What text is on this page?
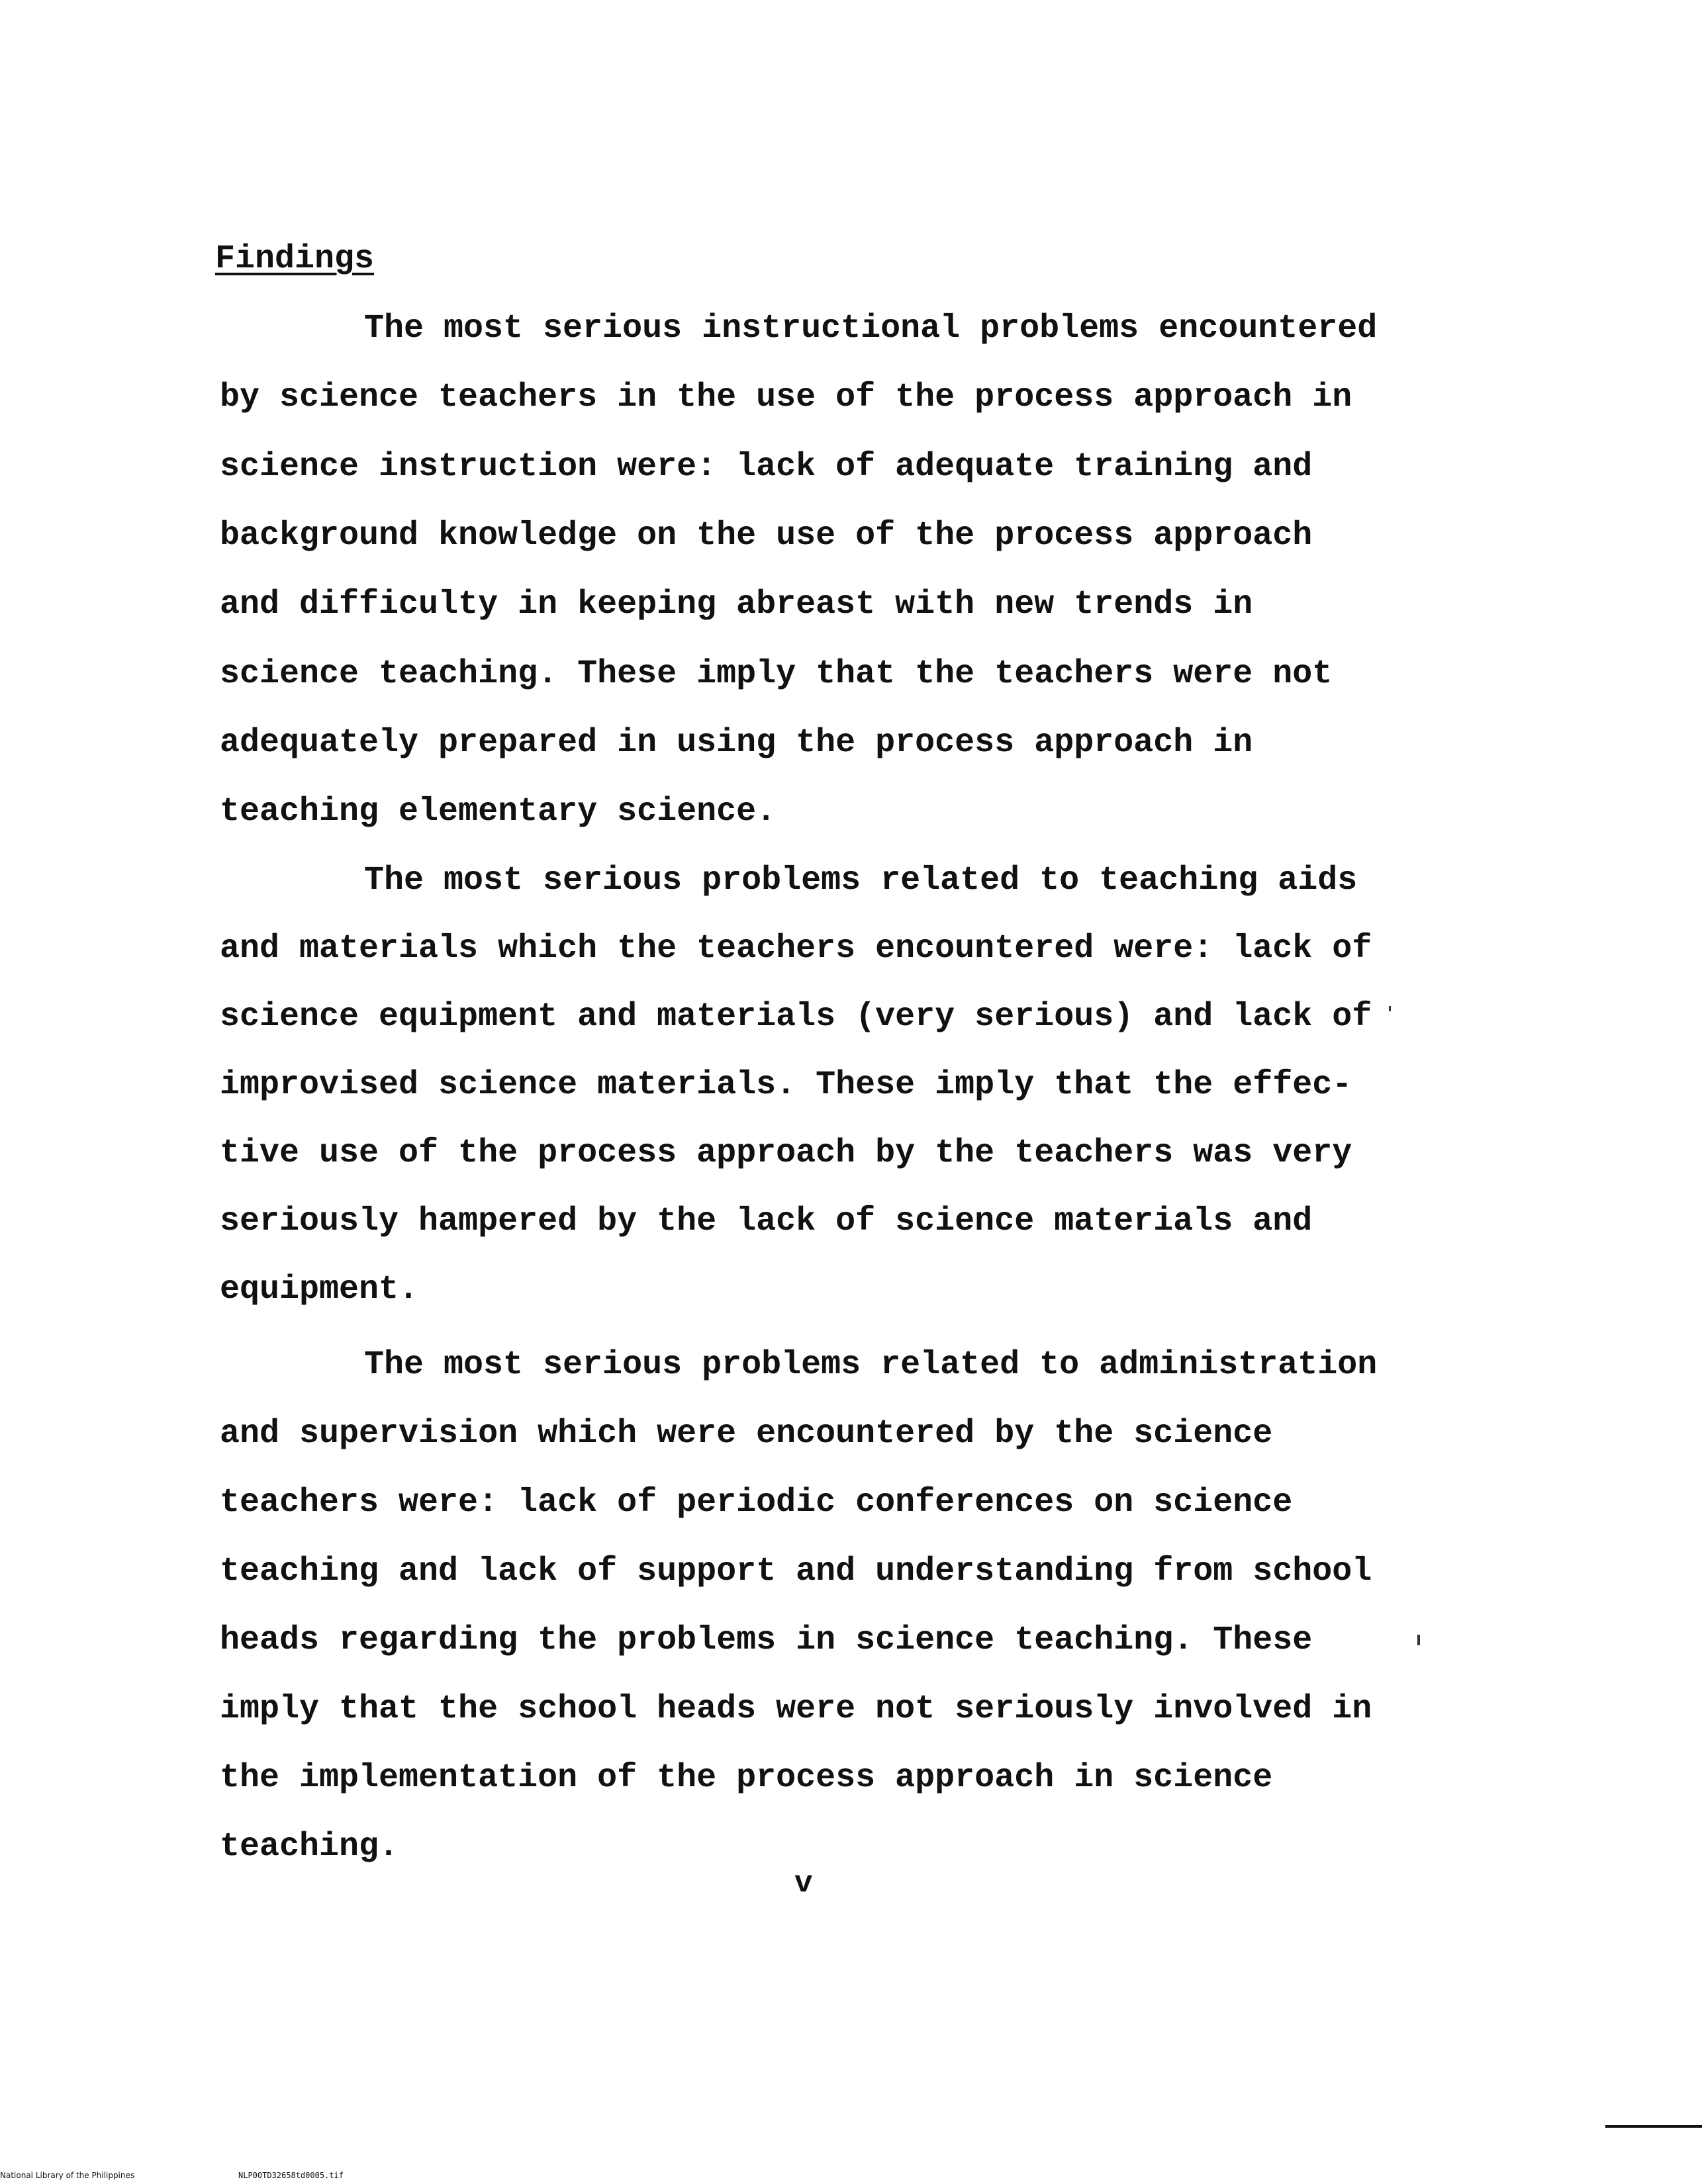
Findings
The most serious instructional problems encountered
by science teachers in the use of the process approach in
science instruction were: lack of adequate training and
background knowledge on the use of the process approach
and difficulty in keeping abreast with new trends in
science teaching. These imply that the teachers were not
adequately prepared in using the process approach in
teaching elementary science.
The most serious problems related to teaching aids
and materials which the teachers encountered were: lack of
science equipment and materials (very serious) and lack of
improvised science materials. These imply that the effec-
tive use of the process approach by the teachers was very
seriously hampered by the lack of science materials and
equipment.
The most serious problems related to administration
and supervision which were encountered by the science
teachers were: lack of periodic conferences on science
teaching and lack of support and understanding from school
heads regarding the problems in science teaching. These
imply that the school heads were not seriously involved in
the implementation of the process approach in science
teaching.
v
National Library of the Philippines	NLP00TD32658td0005.tif
